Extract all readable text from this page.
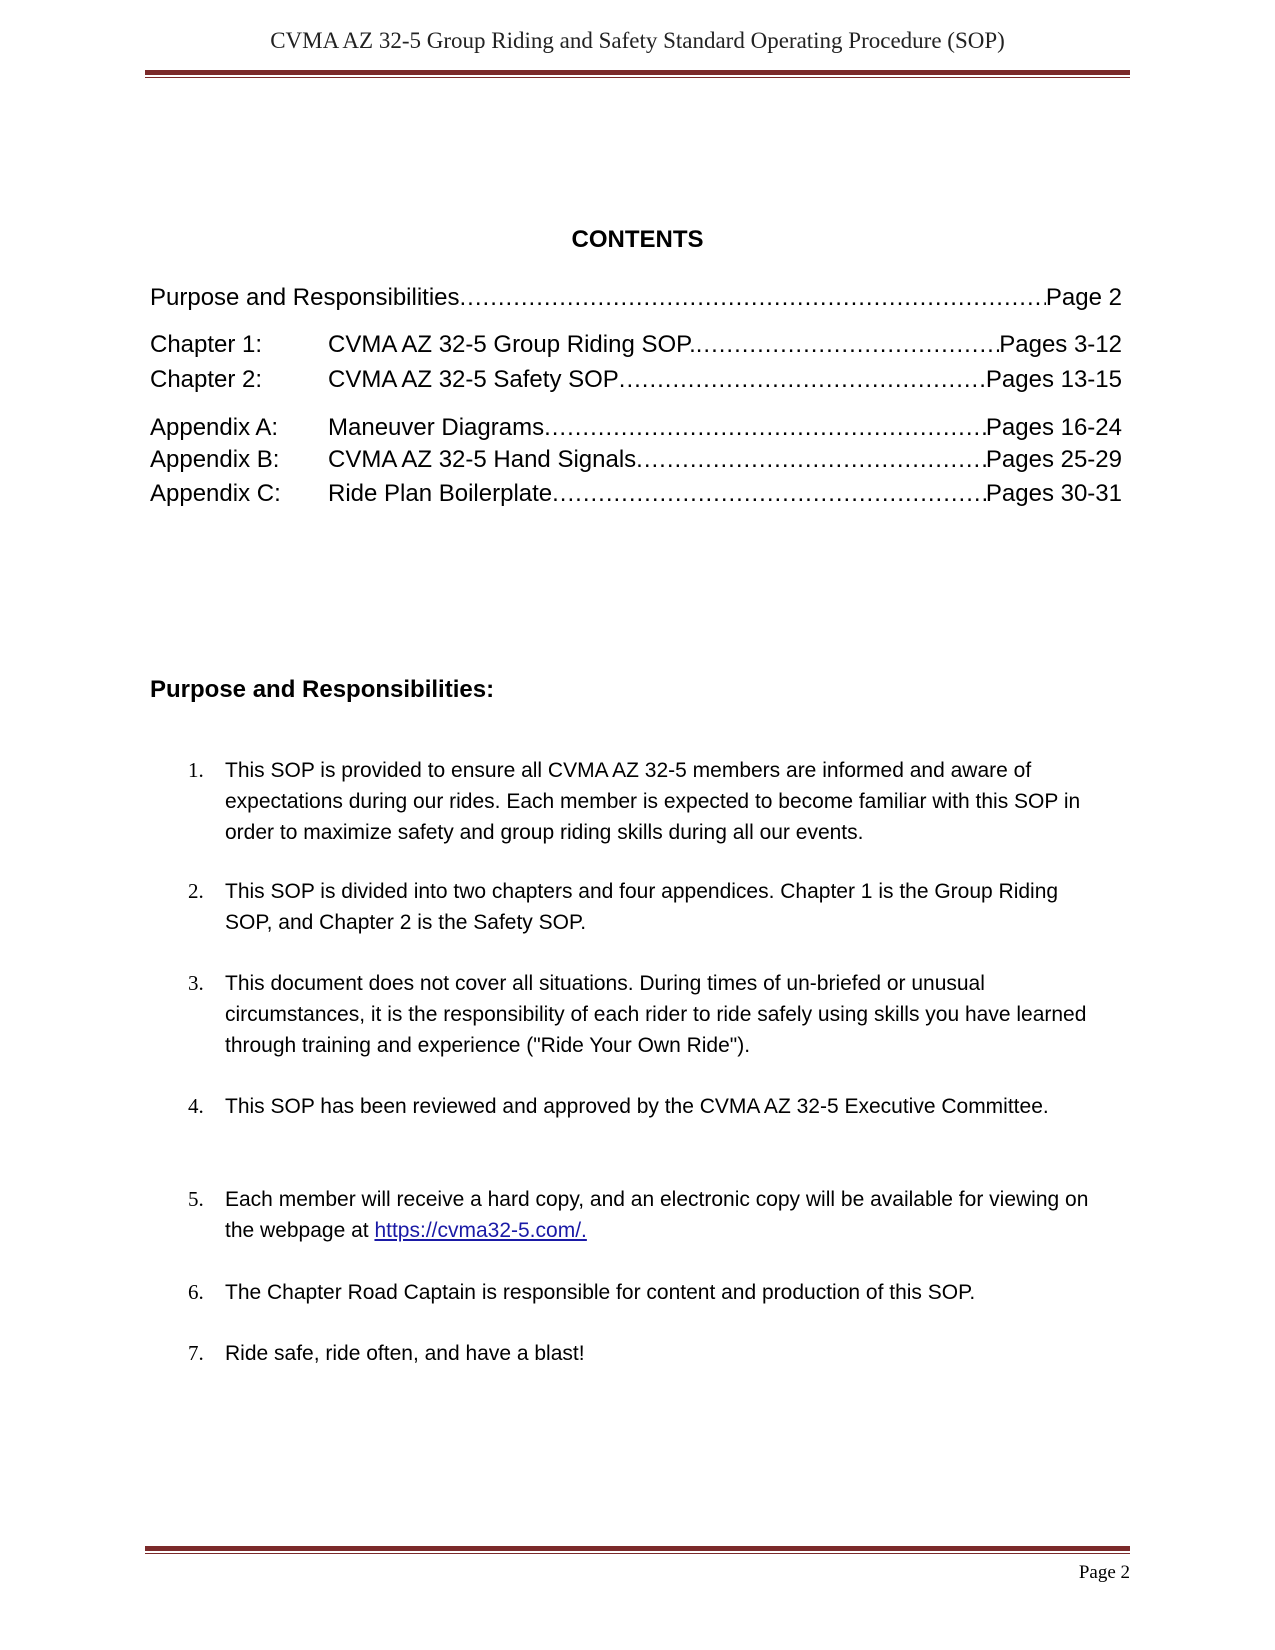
CVMA AZ 32-5 Group Riding and Safety Standard Operating Procedure (SOP)
CONTENTS
Purpose and Responsibilities .....	Page 2
Chapter 1:	CVMA AZ 32-5 Group Riding SOP. .....	Pages 3-12
Chapter 2:	CVMA AZ 32-5 Safety SOP .....	Pages 13-15
Appendix A:	Maneuver Diagrams .....	Pages 16-24
Appendix B:	CVMA AZ 32-5 Hand Signals .....	Pages 25-29
Appendix C:	Ride Plan Boilerplate .....	Pages 30-31
Purpose and Responsibilities:
1.	This SOP is provided to ensure all CVMA AZ 32-5 members are informed and aware of expectations during our rides. Each member is expected to become familiar with this SOP in order to maximize safety and group riding skills during all our events.
2.	This SOP is divided into two chapters and four appendices. Chapter 1 is the Group Riding SOP, and Chapter 2 is the Safety SOP.
3.	This document does not cover all situations. During times of un-briefed or unusual circumstances, it is the responsibility of each rider to ride safely using skills you have learned through training and experience ("Ride Your Own Ride").
4.	This SOP has been reviewed and approved by the CVMA AZ 32-5 Executive Committee.
5.	Each member will receive a hard copy, and an electronic copy will be available for viewing on the webpage at https://cvma32-5.com/.
6.	The Chapter Road Captain is responsible for content and production of this SOP.
7.	Ride safe, ride often, and have a blast!
Page 2
